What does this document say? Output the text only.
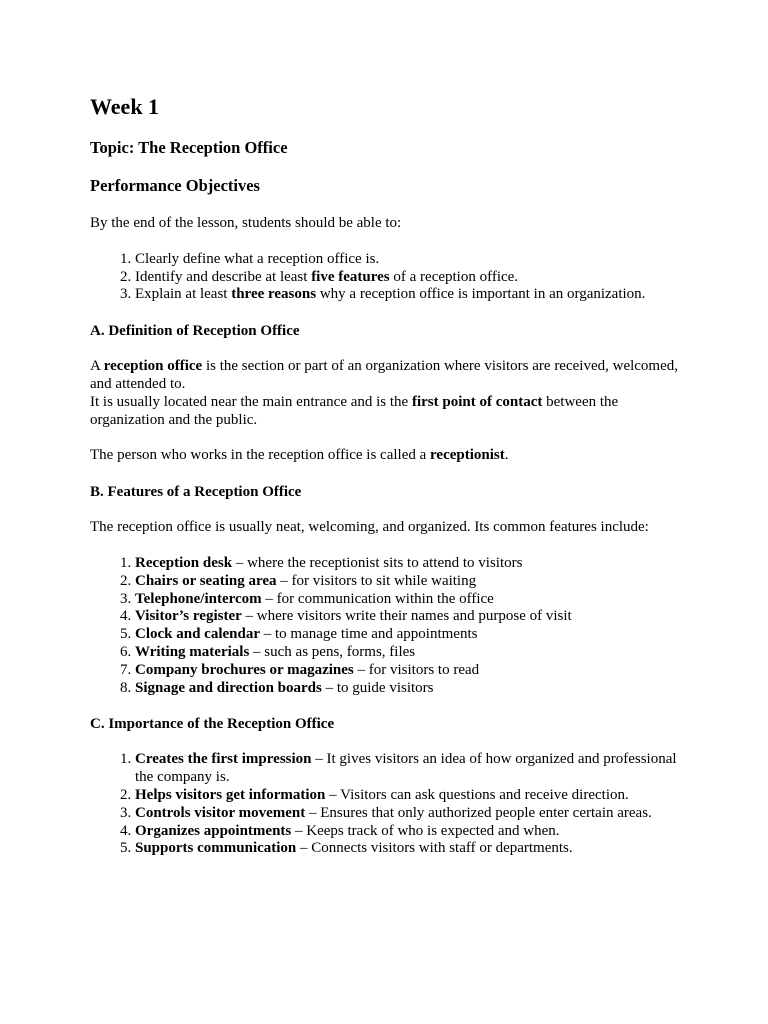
Week 1
Topic: The Reception Office
Performance Objectives

By the end of the lesson, students should be able to:

1. Clearly define what a reception office is.
2. Identify and describe at least five features of a reception office.
3. Explain at least three reasons why a reception office is important in an organization.
A. Definition of Reception Office

A reception office is the section or part of an organization where visitors are received, welcomed, and attended to.

It is usually located near the main entrance and is the first point of contact between the organization and the public.

The person who works in the reception office is called a receptionist.

B. Features of a Reception Office

The reception office is usually neat, welcoming, and organized. Its common features include:

1. Reception desk – where the receptionist sits to attend to visitors
2. Chairs or seating area – for visitors to sit while waiting
3. Telephone/intercom – for communication within the office
4. Visitor’s register – where visitors write their names and purpose of visit
5. Clock and calendar – to manage time and appointments
6. Writing materials – such as pens, forms, files
7. Company brochures or magazines – for visitors to read
8. Signage and direction boards – to guide visitors
C. Importance of the Reception Office
1. Creates the first impression – It gives visitors an idea of how organized and professional the company is.
2. Helps visitors get information – Visitors can ask questions and receive direction.
3. Controls visitor movement – Ensures that only authorized people enter certain areas.
4. Organizes appointments – Keeps track of who is expected and when.
5. Supports communication – Connects visitors with staff or departments.
